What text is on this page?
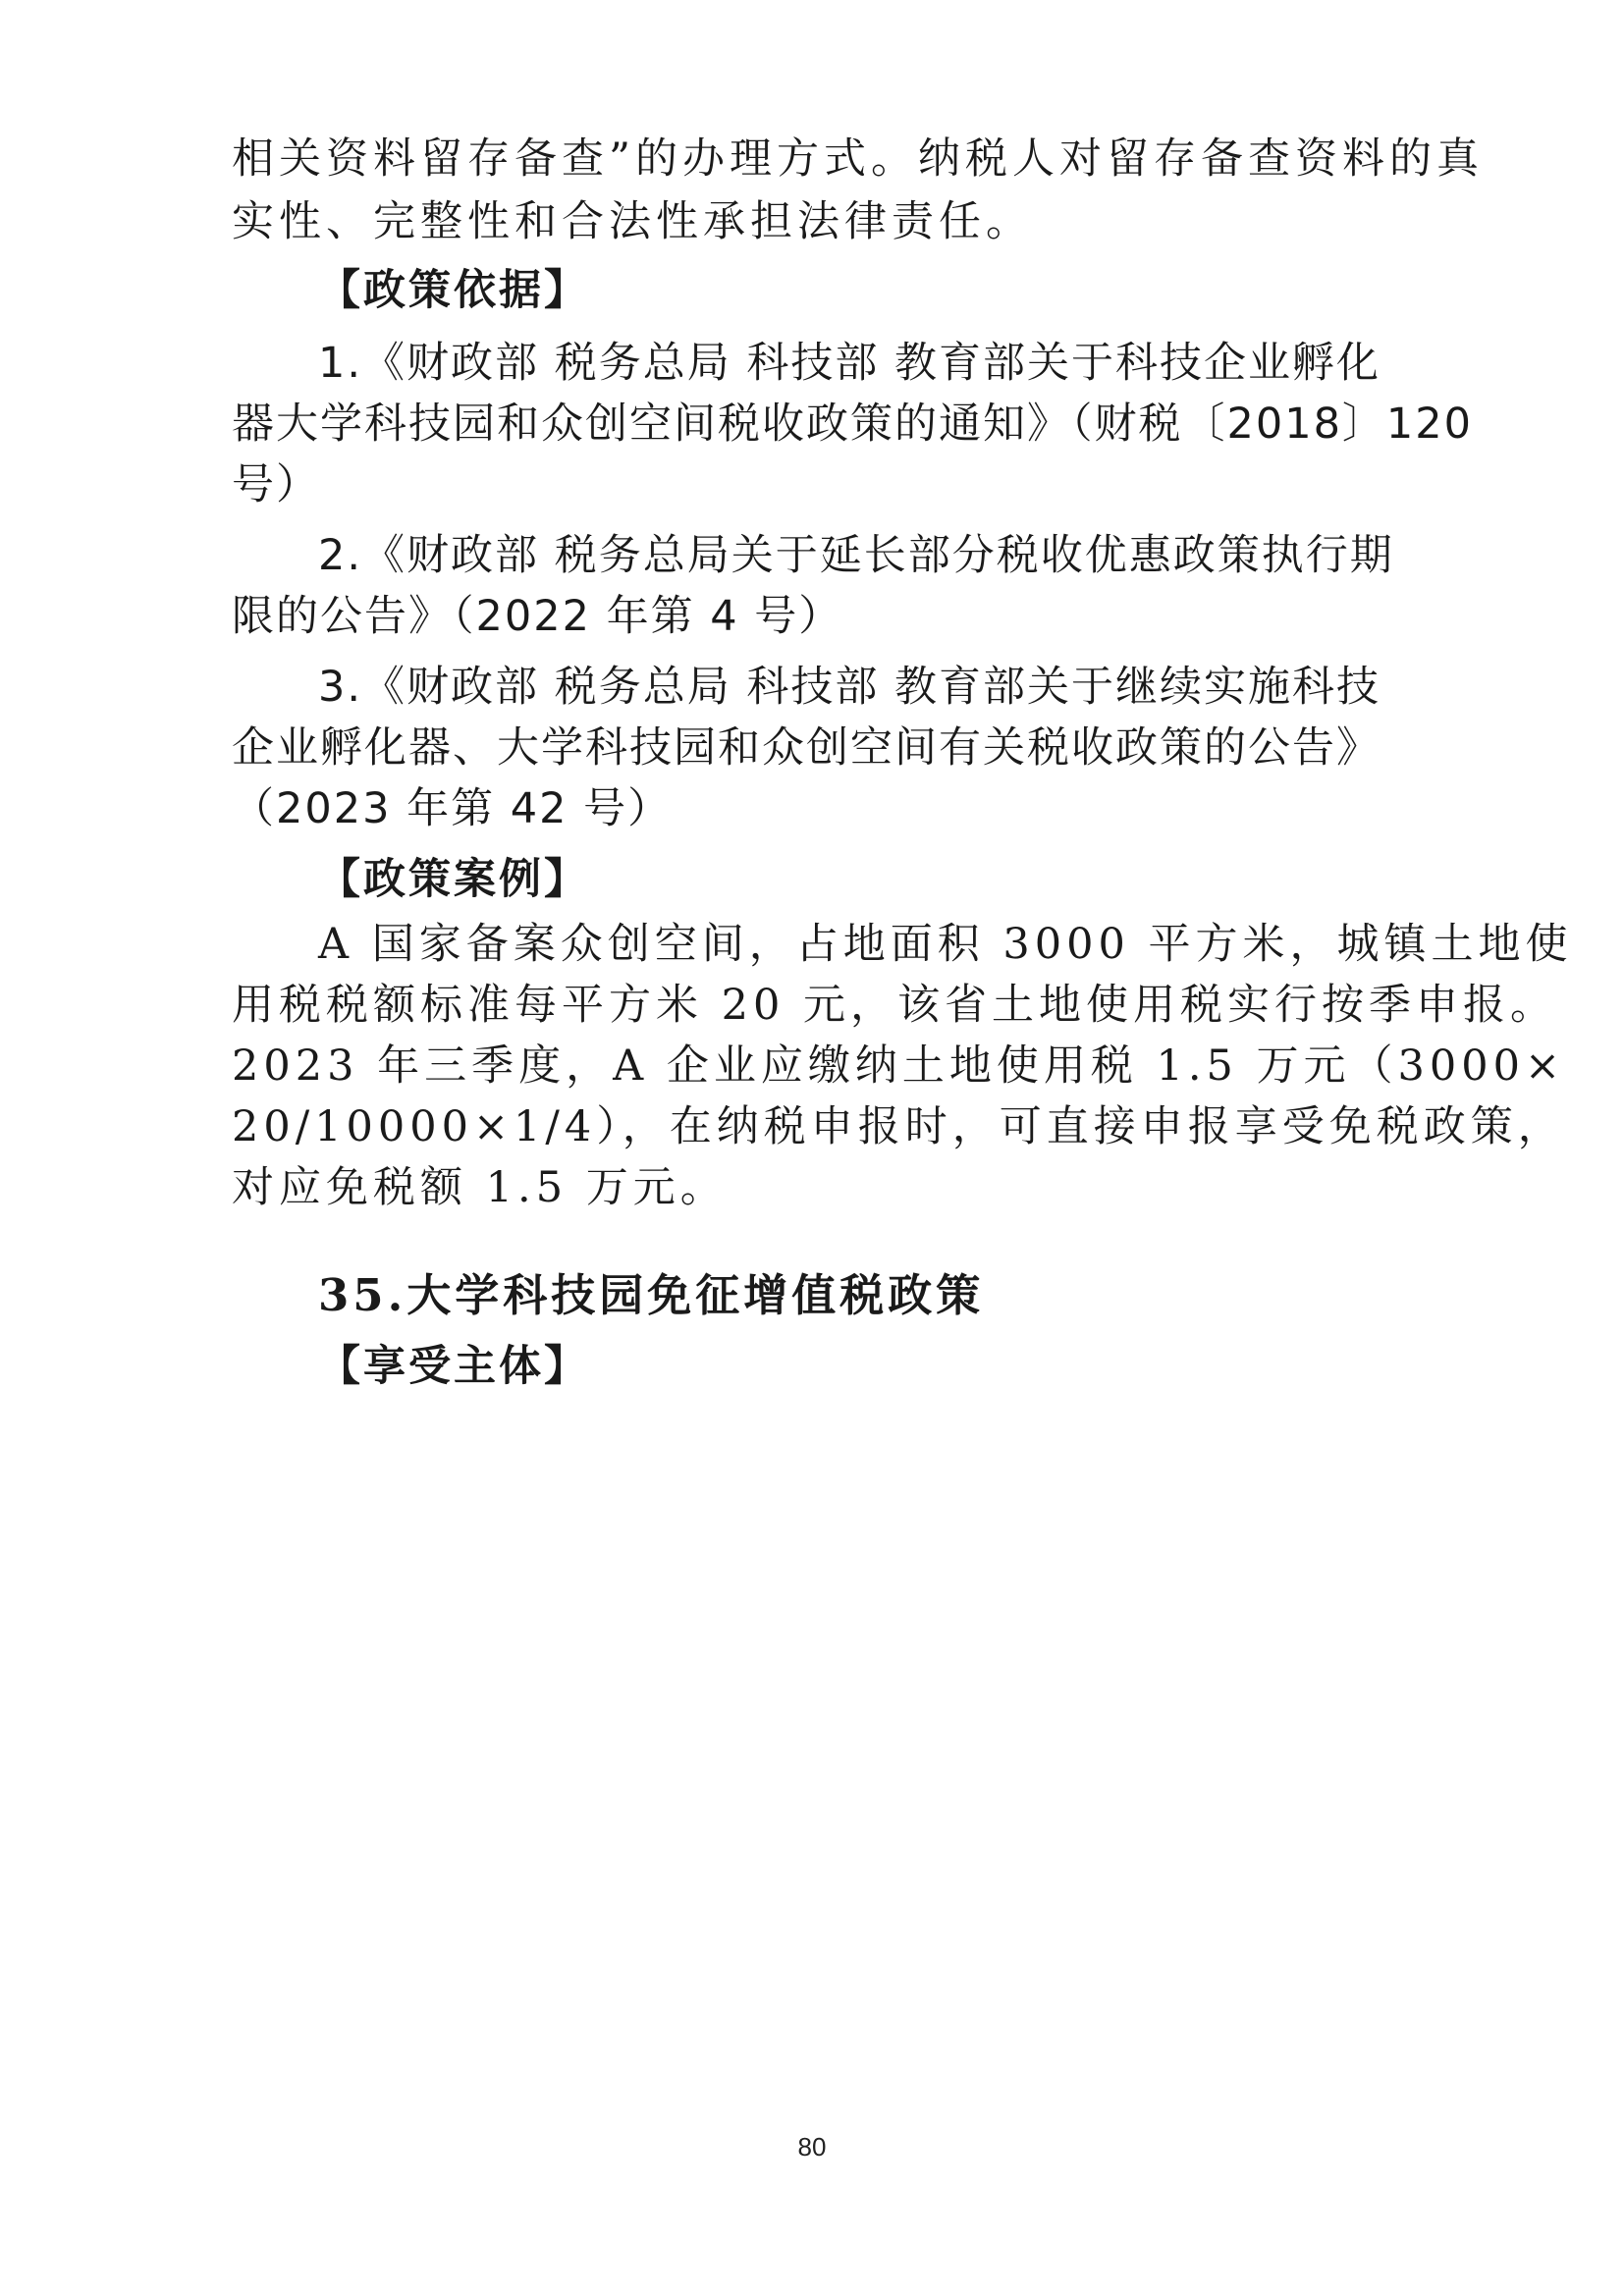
相关资料留存备查”的办理方式。纳税人对留存备查资料的真
实性、完整性和合法性承担法律责任。
【政策依据】
1.《财政部 税务总局 科技部 教育部关于科技企业孵化
器大学科技园和众创空间税收政策的通知》（财税〔2018〕120
号）
2.《财政部 税务总局关于延长部分税收优惠政策执行期
限的公告》（2022 年第 4 号）
3.《财政部 税务总局 科技部 教育部关于继续实施科技
企业孵化器、大学科技园和众创空间有关税收政策的公告》
（2023 年第 42 号）
【政策案例】
A 国家备案众创空间，占地面积 3000 平方米，城镇土地使
用税税额标准每平方米 20 元，该省土地使用税实行按季申报。
2023 年三季度，A 企业应缴纳土地使用税 1.5 万元（3000×
20/10000×1/4），在纳税申报时，可直接申报享受免税政策，
对应免税额 1.5 万元。
35.大学科技园免征增值税政策
【享受主体】
80
